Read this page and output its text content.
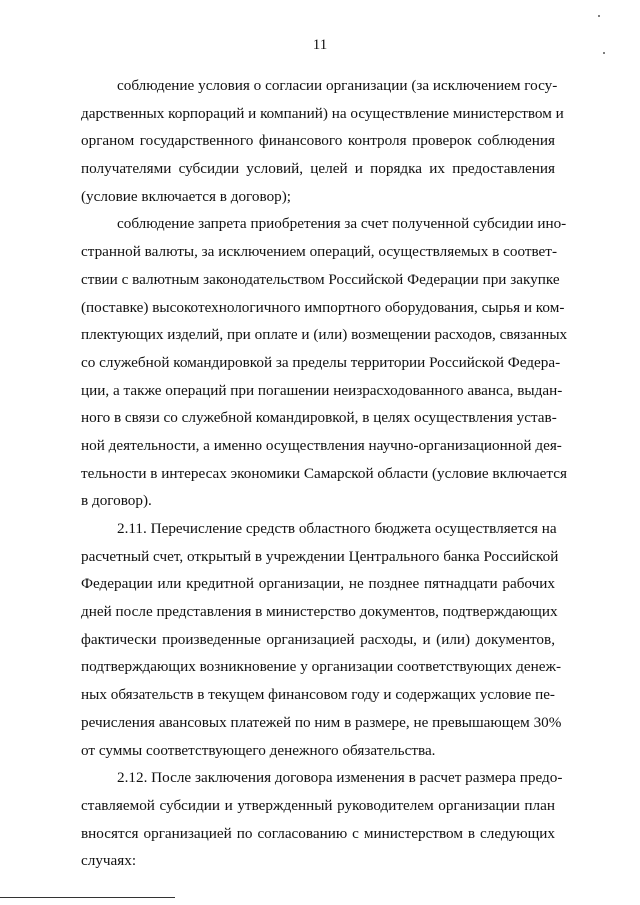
11
соблюдение условия о согласии организации (за исключением госу-
дарственных корпораций и компаний) на осуществление министерством и
органом государственного финансового контроля проверок соблюдения
получателями субсидии условий, целей и порядка их предоставления
(условие включается в договор);
соблюдение запрета приобретения за счет полученной субсидии ино-
странной валюты, за исключением операций, осуществляемых в соответ-
ствии с валютным законодательством Российской Федерации при закупке
(поставке) высокотехнологичного импортного оборудования, сырья и ком-
плектующих изделий, при оплате и (или) возмещении расходов, связанных
со служебной командировкой за пределы территории Российской Федера-
ции, а также операций при погашении неизрасходованного аванса, выдан-
ного в связи со служебной командировкой, в целях осуществления устав-
ной деятельности, а именно осуществления научно-организационной дея-
тельности в интересах экономики Самарской области (условие включается
в договор).
2.11. Перечисление средств областного бюджета осуществляется на
расчетный счет, открытый в учреждении Центрального банка Российской
Федерации или кредитной организации, не позднее пятнадцати рабочих
дней после представления в министерство документов, подтверждающих
фактически произведенные организацией расходы, и (или) документов,
подтверждающих возникновение у организации соответствующих денеж-
ных обязательств в текущем финансовом году и содержащих условие пе-
речисления авансовых платежей по ним в размере, не превышающем 30%
от суммы соответствующего денежного обязательства.
2.12. После заключения договора изменения в расчет размера предо-
ставляемой субсидии и утвержденный руководителем организации план
вносятся организацией по согласованию с министерством в следующих
случаях:
